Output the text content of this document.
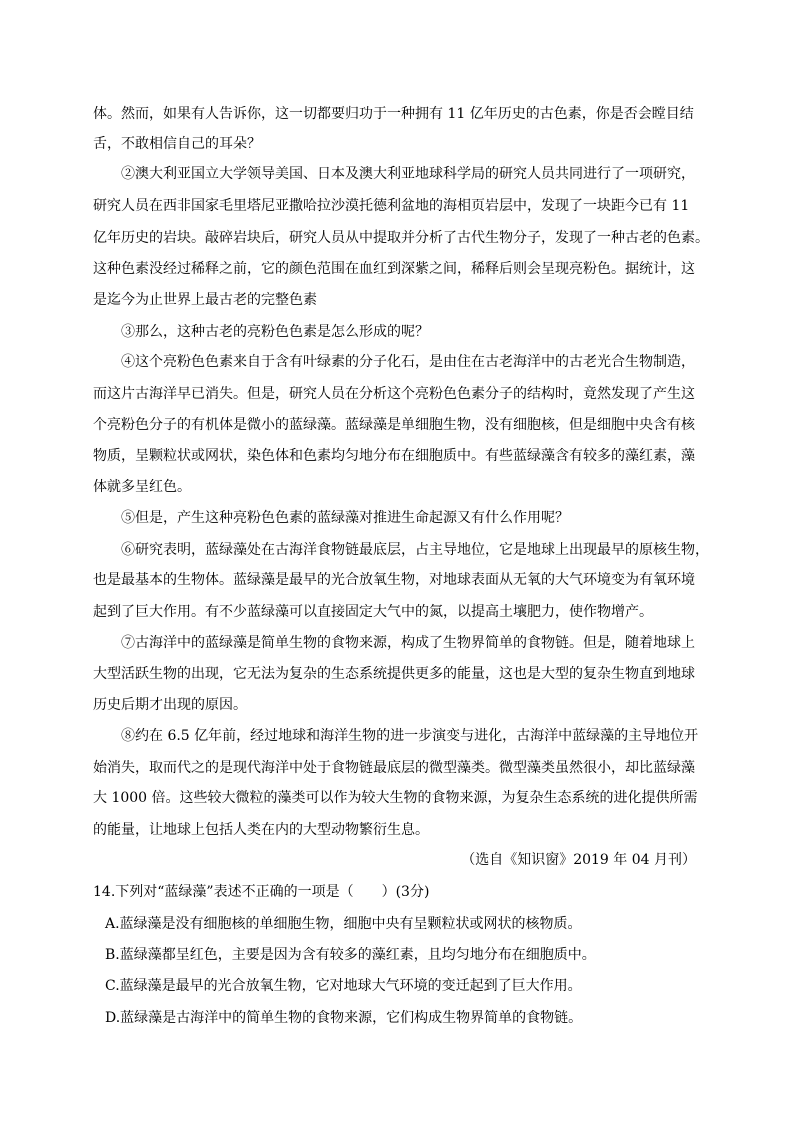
体。然而，如果有人告诉你，这一切都要归功于一种拥有 11 亿年历史的古色素，你是否会瞠目结
舌，不敢相信自己的耳朵？
②澳大利亚国立大学领导美国、日本及澳大利亚地球科学局的研究人员共同进行了一项研究，
研究人员在西非国家毛里塔尼亚撒哈拉沙漠托德利盆地的海相页岩层中，发现了一块距今已有 11
亿年历史的岩块。敲碎岩块后，研究人员从中提取并分析了古代生物分子，发现了一种古老的色素。
这种色素没经过稀释之前，它的颜色范围在血红到深紫之间，稀释后则会呈现亮粉色。据统计，这
是迄今为止世界上最古老的完整色素
③那么，这种古老的亮粉色色素是怎么形成的呢？
④这个亮粉色色素来自于含有叶绿素的分子化石，是由住在古老海洋中的古老光合生物制造，
而这片古海洋早已消失。但是，研究人员在分析这个亮粉色色素分子的结构时，竟然发现了产生这
个亮粉色分子的有机体是微小的蓝绿藻。蓝绿藻是单细胞生物，没有细胞核，但是细胞中央含有核
物质，呈颗粒状或网状，染色体和色素均匀地分布在细胞质中。有些蓝绿藻含有较多的藻红素，藻
体就多呈红色。
⑤但是，产生这种亮粉色色素的蓝绿藻对推进生命起源又有什么作用呢？
⑥研究表明，蓝绿藻处在古海洋食物链最底层，占主导地位，它是地球上出现最早的原核生物，
也是最基本的生物体。蓝绿藻是最早的光合放氧生物，对地球表面从无氧的大气环境变为有氧环境
起到了巨大作用。有不少蓝绿藻可以直接固定大气中的氮，以提高土壤肥力，使作物增产。
⑦古海洋中的蓝绿藻是简单生物的食物来源，构成了生物界简单的食物链。但是，随着地球上
大型活跃生物的出现，它无法为复杂的生态系统提供更多的能量，这也是大型的复杂生物直到地球
历史后期才出现的原因。
⑧约在 6.5 亿年前，经过地球和海洋生物的进一步演变与进化，古海洋中蓝绿藻的主导地位开
始消失，取而代之的是现代海洋中处于食物链最底层的微型藻类。微型藻类虽然很小，却比蓝绿藻
大 1000 倍。这些较大微粒的藻类可以作为较大生物的食物来源，为复杂生态系统的进化提供所需
的能量，让地球上包括人类在内的大型动物繁衍生息。
（选自《知识窗》2019 年 04 月刊）
14.下列对“蓝绿藻”表述不正确的一项是（　　）(3分)
A.蓝绿藻是没有细胞核的单细胞生物，细胞中央有呈颗粒状或网状的核物质。
B.蓝绿藻都呈红色，主要是因为含有较多的藻红素，且均匀地分布在细胞质中。
C.蓝绿藻是最早的光合放氧生物，它对地球大气环境的变迁起到了巨大作用。
D.蓝绿藻是古海洋中的简单生物的食物来源，它们构成生物界简单的食物链。
